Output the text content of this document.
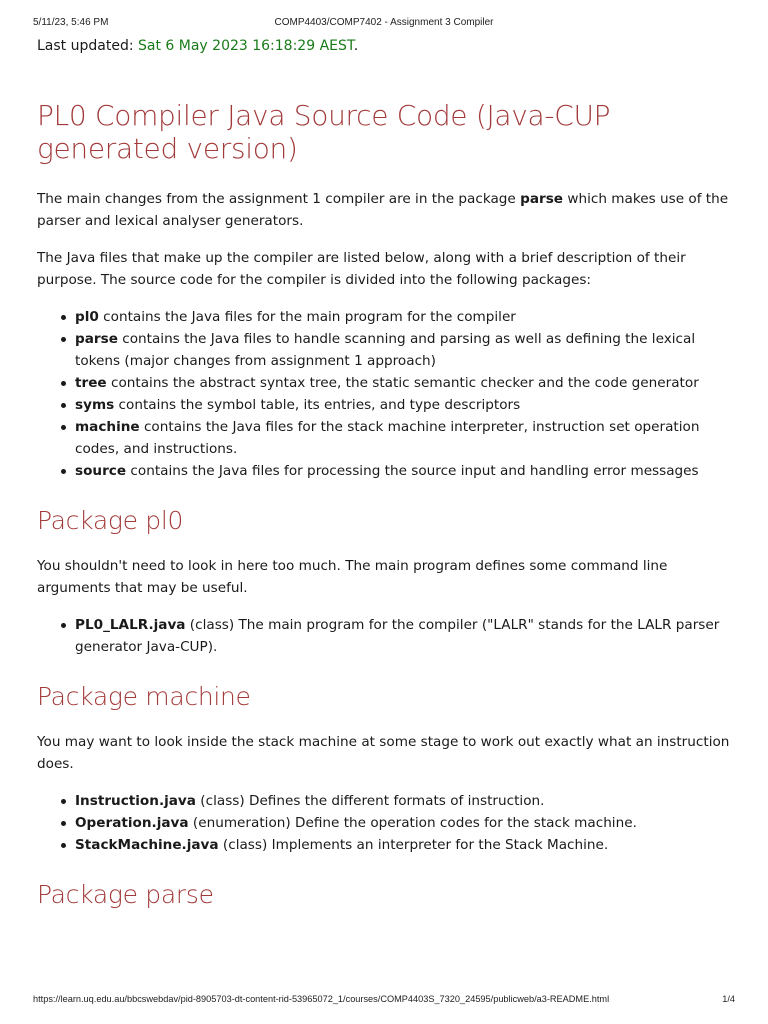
5/11/23, 5:46 PM	COMP4403/COMP7402 - Assignment 3 Compiler

Last updated: Sat 6 May 2023 16:18:29 AEST.

PL0 Compiler Java Source Code (Java-CUP generated version)

The main changes from the assignment 1 compiler are in the package parse which makes use of the parser and lexical analyser generators.

The Java files that make up the compiler are listed below, along with a brief description of their purpose. The source code for the compiler is divided into the following packages:

pl0 contains the Java files for the main program for the compiler
parse contains the Java files to handle scanning and parsing as well as defining the lexical tokens (major changes from assignment 1 approach)
tree contains the abstract syntax tree, the static semantic checker and the code generator
syms contains the symbol table, its entries, and type descriptors
machine contains the Java files for the stack machine interpreter, instruction set operation codes, and instructions.
source contains the Java files for processing the source input and handling error messages
Package pl0

You shouldn't need to look in here too much. The main program defines some command line arguments that may be useful.

PL0_LALR.java (class) The main program for the compiler ("LALR" stands for the LALR parser generator Java-CUP).
Package machine

You may want to look inside the stack machine at some stage to work out exactly what an instruction does.

Instruction.java (class) Defines the different formats of instruction.
Operation.java (enumeration) Define the operation codes for the stack machine.
StackMachine.java (class) Implements an interpreter for the Stack Machine.
Package parse
https://learn.uq.edu.au/bbcswebdav/pid-8905703-dt-content-rid-53965072_1/courses/COMP4403S_7320_24595/publicweb/a3-README.html	1/4
